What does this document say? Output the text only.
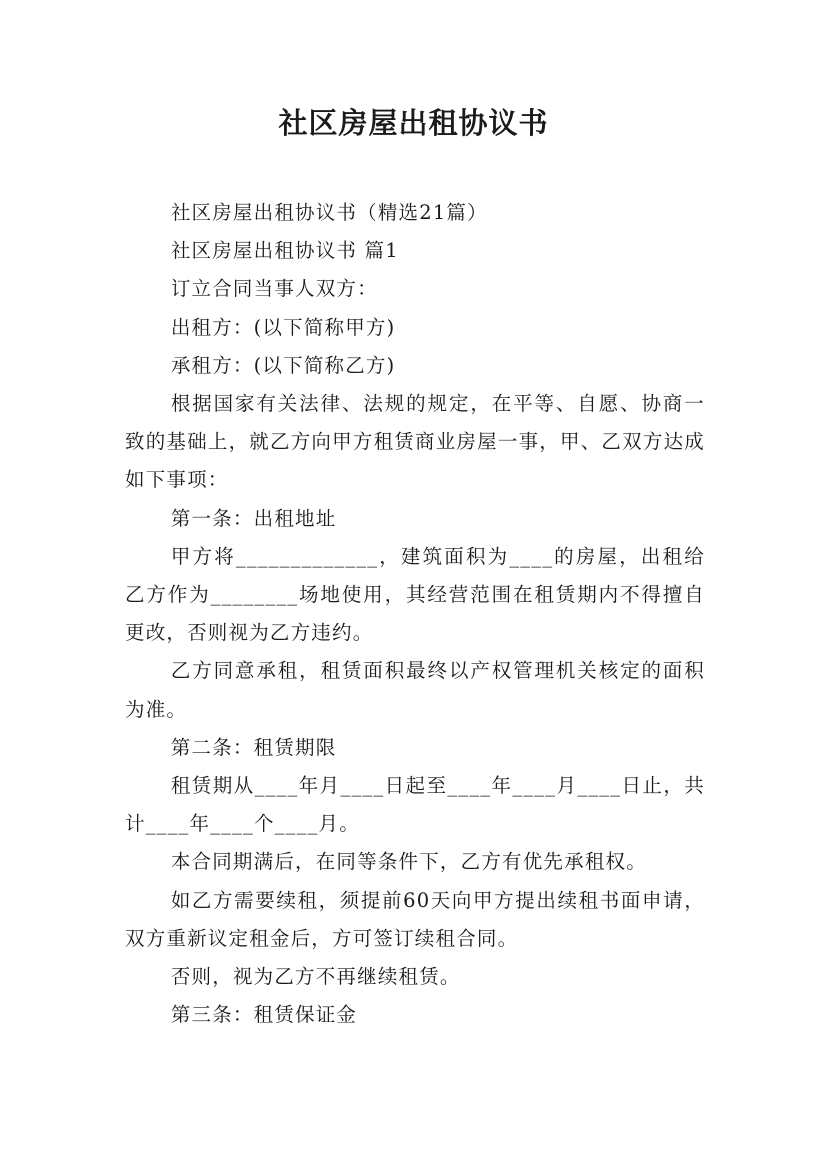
社区房屋出租协议书

社区房屋出租协议书（精选21篇）

社区房屋出租协议书 篇1

订立合同当事人双方：

出租方：(以下简称甲方)

承租方：(以下简称乙方)

根据国家有关法律、法规的规定，在平等、自愿、协商一致的基础上，就乙方向甲方租赁商业房屋一事，甲、乙双方达成如下事项：

第一条：出租地址

甲方将_____________，建筑面积为____的房屋，出租给乙方作为________场地使用，其经营范围在租赁期内不得擅自更改，否则视为乙方违约。

乙方同意承租，租赁面积最终以产权管理机关核定的面积为准。

第二条：租赁期限

租赁期从____年月____日起至____年____月____日止，共计____年____个____月。

本合同期满后，在同等条件下，乙方有优先承租权。

如乙方需要续租，须提前60天向甲方提出续租书面申请，双方重新议定租金后，方可签订续租合同。

否则，视为乙方不再继续租赁。

第三条：租赁保证金
